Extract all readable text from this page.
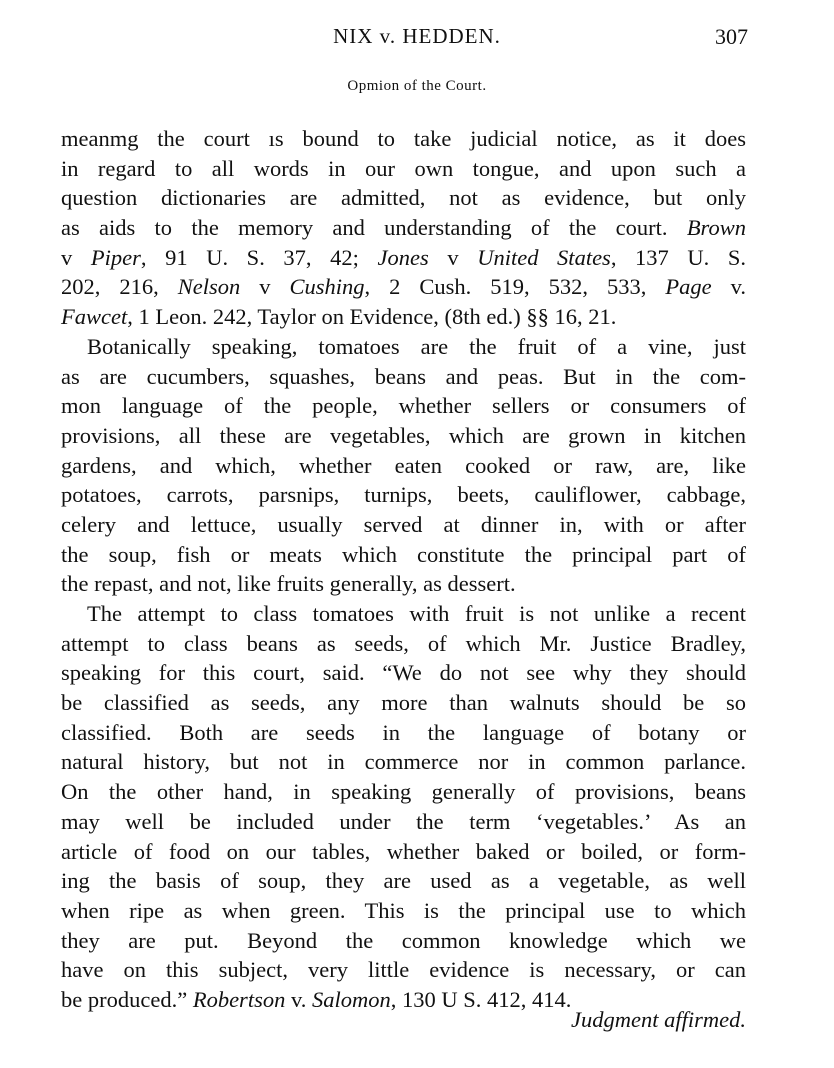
NIX v. HEDDEN.	307
Opmion of the Court.
meanmg the court ıs bound to take judicial notice, as it does
in regard to all words in our own tongue, and upon such a
question dictionaries are admitted, not as evidence, but only
as aids to the memory and understanding of the court. Brown
v Piper, 91 U. S. 37, 42; Jones v United States, 137 U. S.
202, 216, Nelson v Cushing, 2 Cush. 519, 532, 533, Page v.
Fawcet, 1 Leon. 242, Taylor on Evidence, (8th ed.) §§ 16, 21.
Botanically speaking, tomatoes are the fruit of a vine, just
as are cucumbers, squashes, beans and peas. But in the com-
mon language of the people, whether sellers or consumers of
provisions, all these are vegetables, which are grown in kitchen
gardens, and which, whether eaten cooked or raw, are, like
potatoes, carrots, parsnips, turnips, beets, cauliflower, cabbage,
celery and lettuce, usually served at dinner in, with or after
the soup, fish or meats which constitute the principal part of
the repast, and not, like fruits generally, as dessert.
The attempt to class tomatoes with fruit is not unlike a recent
attempt to class beans as seeds, of which Mr. Justice Bradley,
speaking for this court, said. “We do not see why they should
be classified as seeds, any more than walnuts should be so
classified. Both are seeds in the language of botany or
natural history, but not in commerce nor in common parlance.
On the other hand, in speaking generally of provisions, beans
may well be included under the term ‘vegetables.’ As an
article of food on our tables, whether baked or boiled, or form-
ing the basis of soup, they are used as a vegetable, as well
when ripe as when green. This is the principal use to which
they are put. Beyond the common knowledge which we
have on this subject, very little evidence is necessary, or can
be produced.” Robertson v. Salomon, 130 U S. 412, 414.
Judgment affirmed.
